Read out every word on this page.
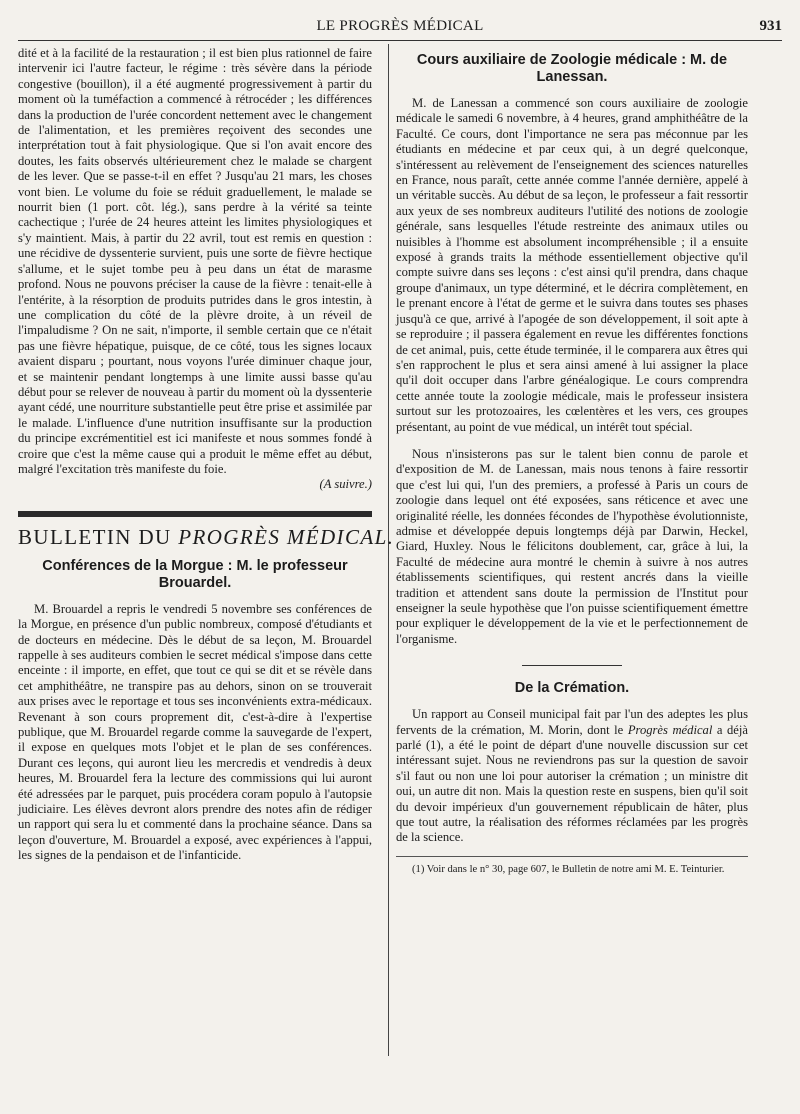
LE PROGRÈS MÉDICAL	931

dité et à la facilité de la restauration ; il est bien plus rationnel de faire intervenir ici l'autre facteur, le régime : très sévère dans la période congestive (bouillon), il a été augmenté progressivement à partir du moment où la tuméfaction a commencé à rétrocéder ; les différences dans la production de l'urée concordent nettement avec le changement de l'alimentation, et les premières reçoivent des secondes une interprétation tout à fait physiologique. Que si l'on avait encore des doutes, les faits observés ultérieurement chez le malade se chargent de les lever. Que se passe-t-il en effet ? Jusqu'au 21 mars, les choses vont bien. Le volume du foie se réduit graduellement, le malade se nourrit bien (1 port. côt. lég.), sans perdre à la vérité sa teinte cachectique ; l'urée de 24 heures atteint les limites physiologiques et s'y maintient. Mais, à partir du 22 avril, tout est remis en question : une récidive de dyssenterie survient, puis une sorte de fièvre hectique s'allume, et le sujet tombe peu à peu dans un état de marasme profond. Nous ne pouvons préciser la cause de la fièvre : tenait-elle à l'entérite, à la résorption de produits putrides dans le gros intestin, à une complication du côté de la plèvre droite, à un réveil de l'impaludisme ? On ne sait, n'importe, il semble certain que ce n'était pas une fièvre hépatique, puisque, de ce côté, tous les signes locaux avaient disparu ; pourtant, nous voyons l'urée diminuer chaque jour, et se maintenir pendant longtemps à une limite aussi basse qu'au début pour se relever de nouveau à partir du moment où la dyssenterie ayant cédé, une nourriture substantielle peut être prise et assimilée par le malade. L'influence d'une nutrition insuffisante sur la production du principe excrémentitiel est ici manifeste et nous sommes fondé à croire que c'est la même cause qui a produit le même effet au début, malgré l'excitation très manifeste du foie.

(A suivre.)

BULLETIN DU PROGRÈS MÉDICAL.
Conférences de la Morgue : M. le professeur Brouardel.

M. Brouardel a repris le vendredi 5 novembre ses conférences de la Morgue, en présence d'un public nombreux, composé d'étudiants et de docteurs en médecine. Dès le début de sa leçon, M. Brouardel rappelle à ses auditeurs combien le secret médical s'impose dans cette enceinte : il importe, en effet, que tout ce qui se dit et se révèle dans cet amphithéâtre, ne transpire pas au dehors, sinon on se trouverait aux prises avec le reportage et tous ses inconvénients extra-médicaux. Revenant à son cours proprement dit, c'est-à-dire à l'expertise publique, que M. Brouardel regarde comme la sauvegarde de l'expert, il expose en quelques mots l'objet et le plan de ses conférences. Durant ces leçons, qui auront lieu les mercredis et vendredis à deux heures, M. Brouardel fera la lecture des commissions qui lui auront été adressées par le parquet, puis procédera coram populo à l'autopsie judiciaire. Les élèves devront alors prendre des notes afin de rédiger un rapport qui sera lu et commenté dans la prochaine séance. Dans sa leçon d'ouverture, M. Brouardel a exposé, avec expériences à l'appui, les signes de la pendaison et de l'infanticide.

Cours auxiliaire de Zoologie médicale : M. de Lanessan.

M. de Lanessan a commencé son cours auxiliaire de zoologie médicale le samedi 6 novembre, à 4 heures, grand amphithéâtre de la Faculté. Ce cours, dont l'importance ne sera pas méconnue par les étudiants en médecine et par ceux qui, à un degré quelconque, s'intéressent au relèvement de l'enseignement des sciences naturelles en France, nous paraît, cette année comme l'année dernière, appelé à un véritable succès. Au début de sa leçon, le professeur a fait ressortir aux yeux de ses nombreux auditeurs l'utilité des notions de zoologie générale, sans lesquelles l'étude restreinte des animaux utiles ou nuisibles à l'homme est absolument incompréhensible ; il a ensuite exposé à grands traits la méthode essentiellement objective qu'il compte suivre dans ses leçons : c'est ainsi qu'il prendra, dans chaque groupe d'animaux, un type déterminé, et le décrira complètement, en le prenant encore à l'état de germe et le suivra dans toutes ses phases jusqu'à ce que, arrivé à l'apogée de son développement, il soit apte à se reproduire ; il passera également en revue les différentes fonctions de cet animal, puis, cette étude terminée, il le comparera aux êtres qui s'en rapprochent le plus et sera ainsi amené à lui assigner la place qu'il doit occuper dans l'arbre généalogique. Le cours comprendra cette année toute la zoologie médicale, mais le professeur insistera surtout sur les protozoaires, les cœlentères et les vers, ces groupes présentant, au point de vue médical, un intérêt tout spécial.

Nous n'insisterons pas sur le talent bien connu de parole et d'exposition de M. de Lanessan, mais nous tenons à faire ressortir que c'est lui qui, l'un des premiers, a professé à Paris un cours de zoologie dans lequel ont été exposées, sans réticence et avec une originalité réelle, les données fécondes de l'hypothèse évolutionniste, admise et développée depuis longtemps déjà par Darwin, Heckel, Giard, Huxley. Nous le félicitons doublement, car, grâce à lui, la Faculté de médecine aura montré le chemin à suivre à nos autres établissements scientifiques, qui restent ancrés dans la vieille tradition et attendent sans doute la permission de l'Institut pour enseigner la seule hypothèse que l'on puisse scientifiquement émettre pour expliquer le développement de la vie et le perfectionnement de l'organisme.

De la Crémation.

Un rapport au Conseil municipal fait par l'un des adeptes les plus fervents de la crémation, M. Morin, dont le Progrès médical a déjà parlé (1), a été le point de départ d'une nouvelle discussion sur cet intéressant sujet. Nous ne reviendrons pas sur la question de savoir s'il faut ou non une loi pour autoriser la crémation ; un ministre dit oui, un autre dit non. Mais la question reste en suspens, bien qu'il soit du devoir impérieux d'un gouvernement républicain de hâter, plus que tout autre, la réalisation des réformes réclamées par les progrès de la science.

(1) Voir dans le n° 30, page 607, le Bulletin de notre ami M. E. Teinturier.
